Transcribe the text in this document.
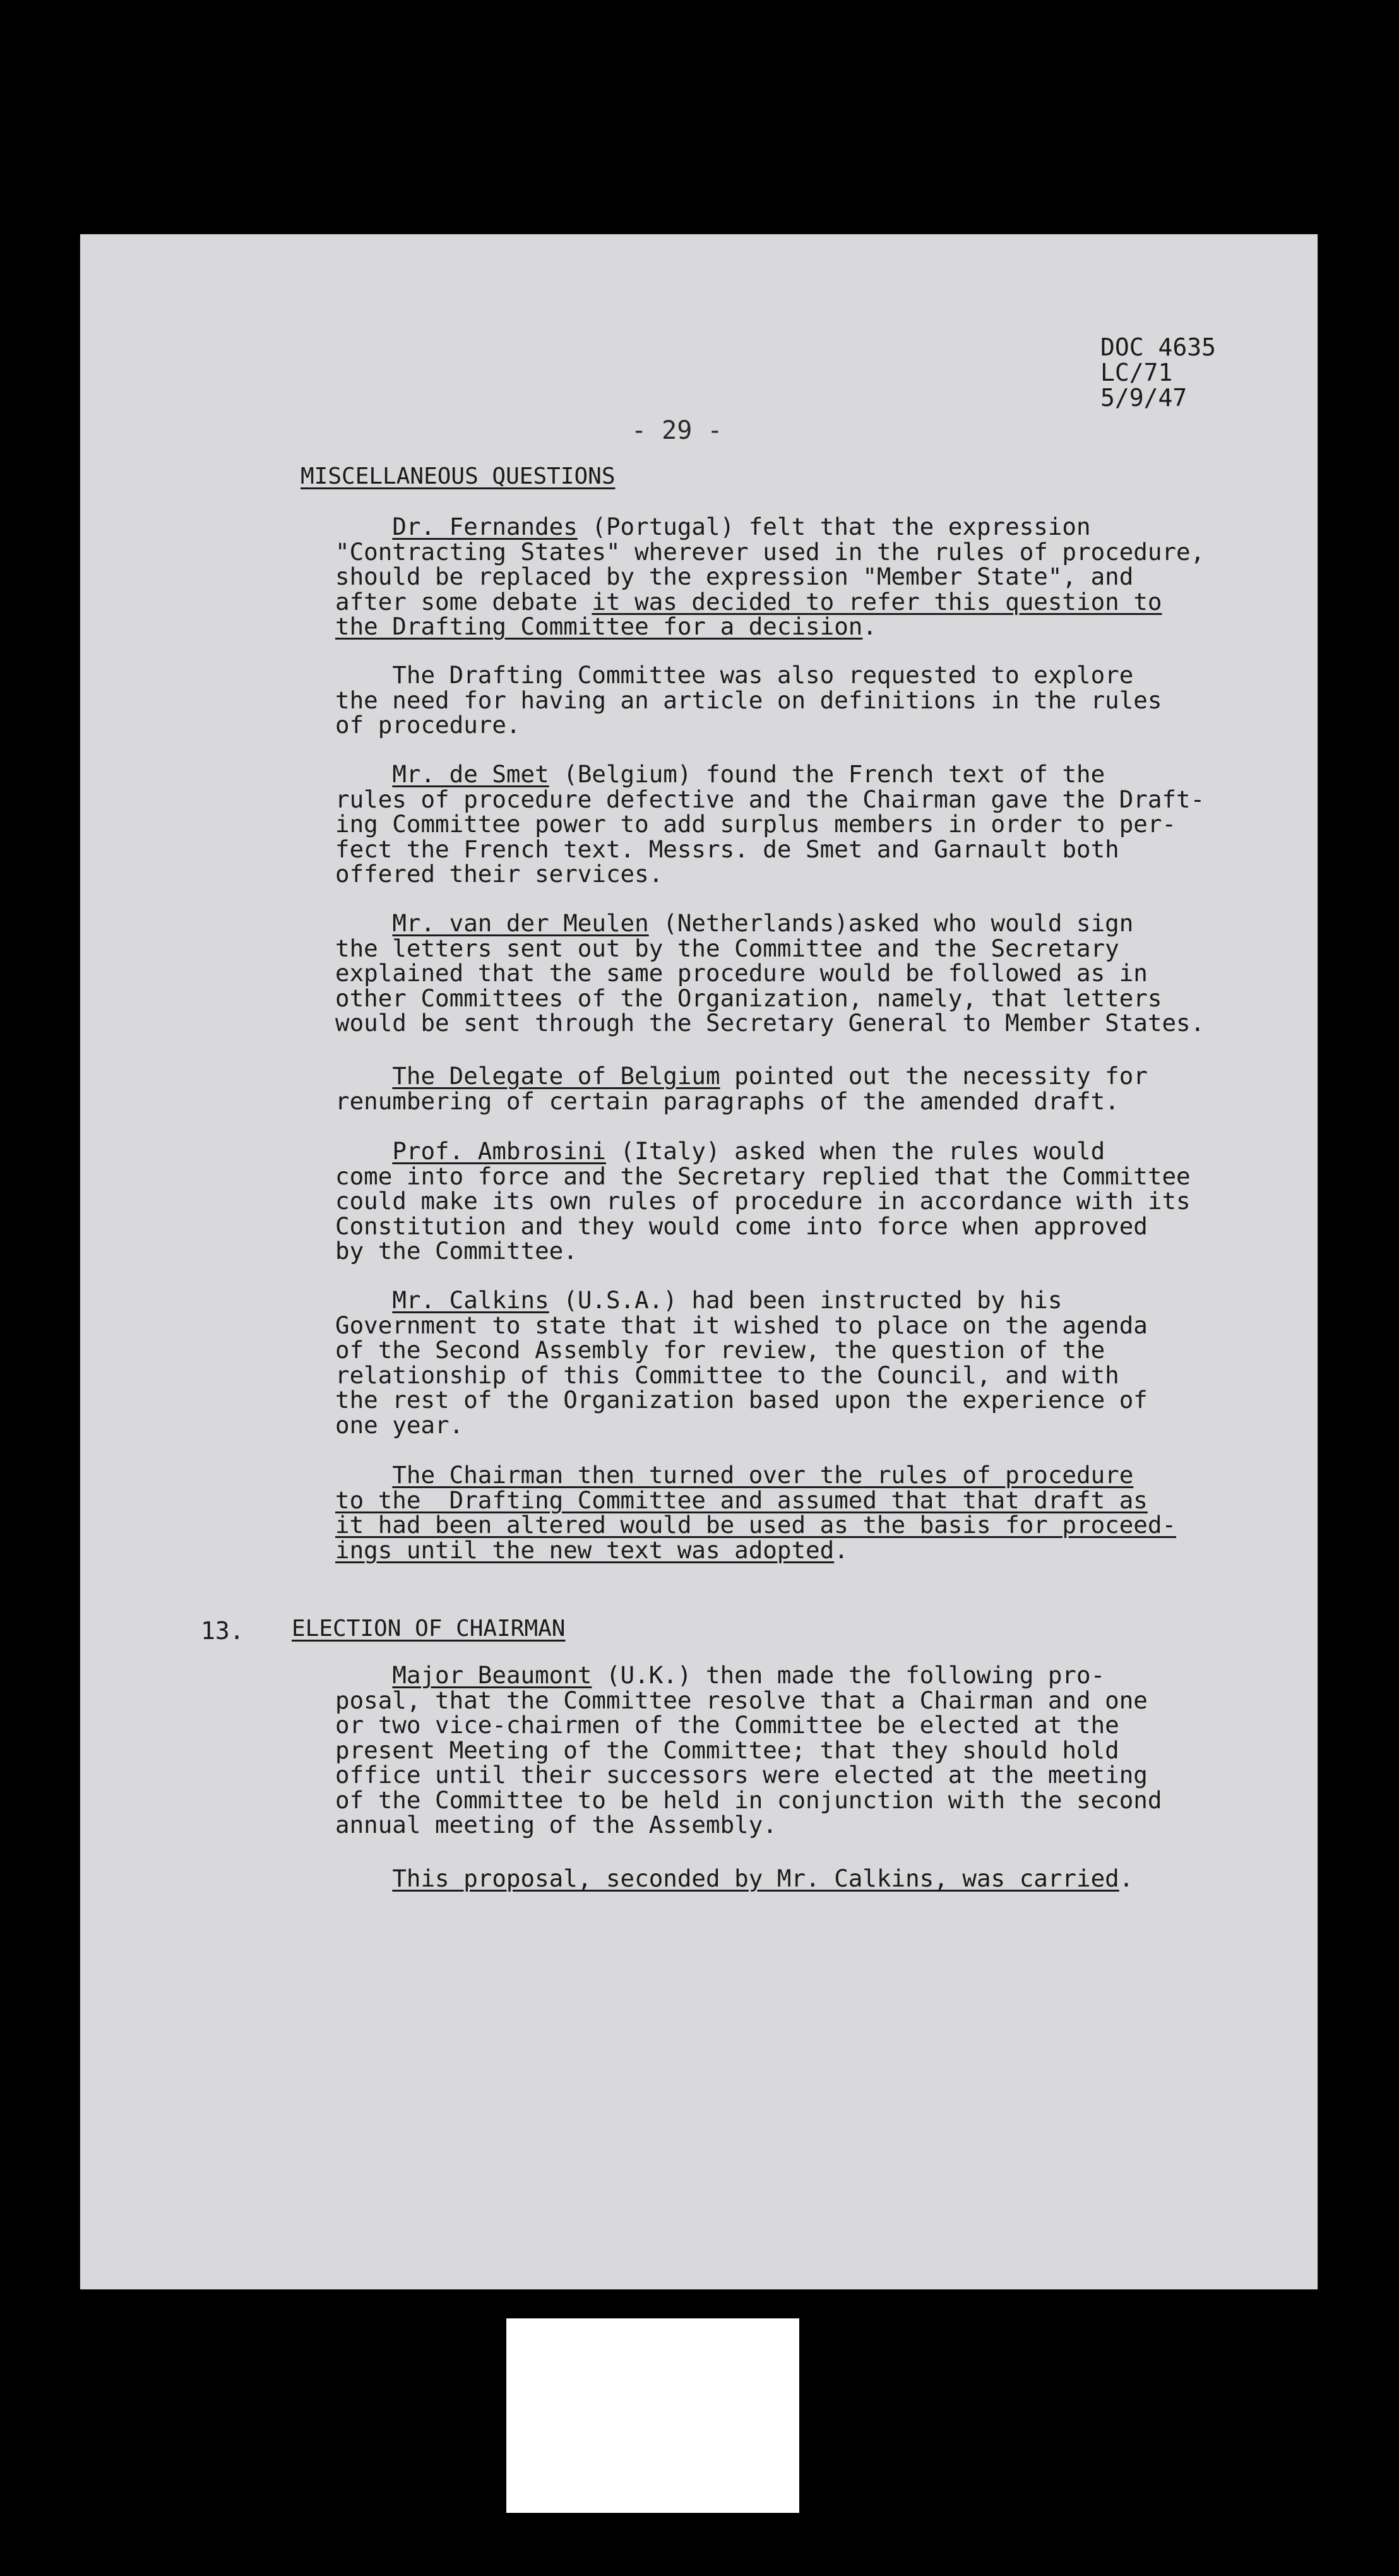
DOC 4635
LC/71
5/9/47
- 29 -
MISCELLANEOUS QUESTIONS
Dr. Fernandes (Portugal) felt that the expression
"Contracting States" wherever used in the rules of procedure,
should be replaced by the expression "Member State", and
after some debate it was decided to refer this question to
the Drafting Committee for a decision.
The Drafting Committee was also requested to explore
the need for having an article on definitions in the rules
of procedure.
Mr. de Smet (Belgium) found the French text of the
rules of procedure defective and the Chairman gave the Draft-
ing Committee power to add surplus members in order to per-
fect the French text. Messrs. de Smet and Garnault both
offered their services.
Mr. van der Meulen (Netherlands)asked who would sign
the letters sent out by the Committee and the Secretary
explained that the same procedure would be followed as in
other Committees of the Organization, namely, that letters
would be sent through the Secretary General to Member States.
The Delegate of Belgium pointed out the necessity for
renumbering of certain paragraphs of the amended draft.
Prof. Ambrosini (Italy) asked when the rules would
come into force and the Secretary replied that the Committee
could make its own rules of procedure in accordance with its
Constitution and they would come into force when approved
by the Committee.
Mr. Calkins (U.S.A.) had been instructed by his
Government to state that it wished to place on the agenda
of the Second Assembly for review, the question of the
relationship of this Committee to the Council, and with
the rest of the Organization based upon the experience of
one year.
The Chairman then turned over the rules of procedure
to the  Drafting Committee and assumed that that draft as
it had been altered would be used as the basis for proceed-
ings until the new text was adopted.
13. ELECTION OF CHAIRMAN
Major Beaumont (U.K.) then made the following pro-
posal, that the Committee resolve that a Chairman and one
or two vice-chairmen of the Committee be elected at the
present Meeting of the Committee; that they should hold
office until their successors were elected at the meeting
of the Committee to be held in conjunction with the second
annual meeting of the Assembly.
This proposal, seconded by Mr. Calkins, was carried.
